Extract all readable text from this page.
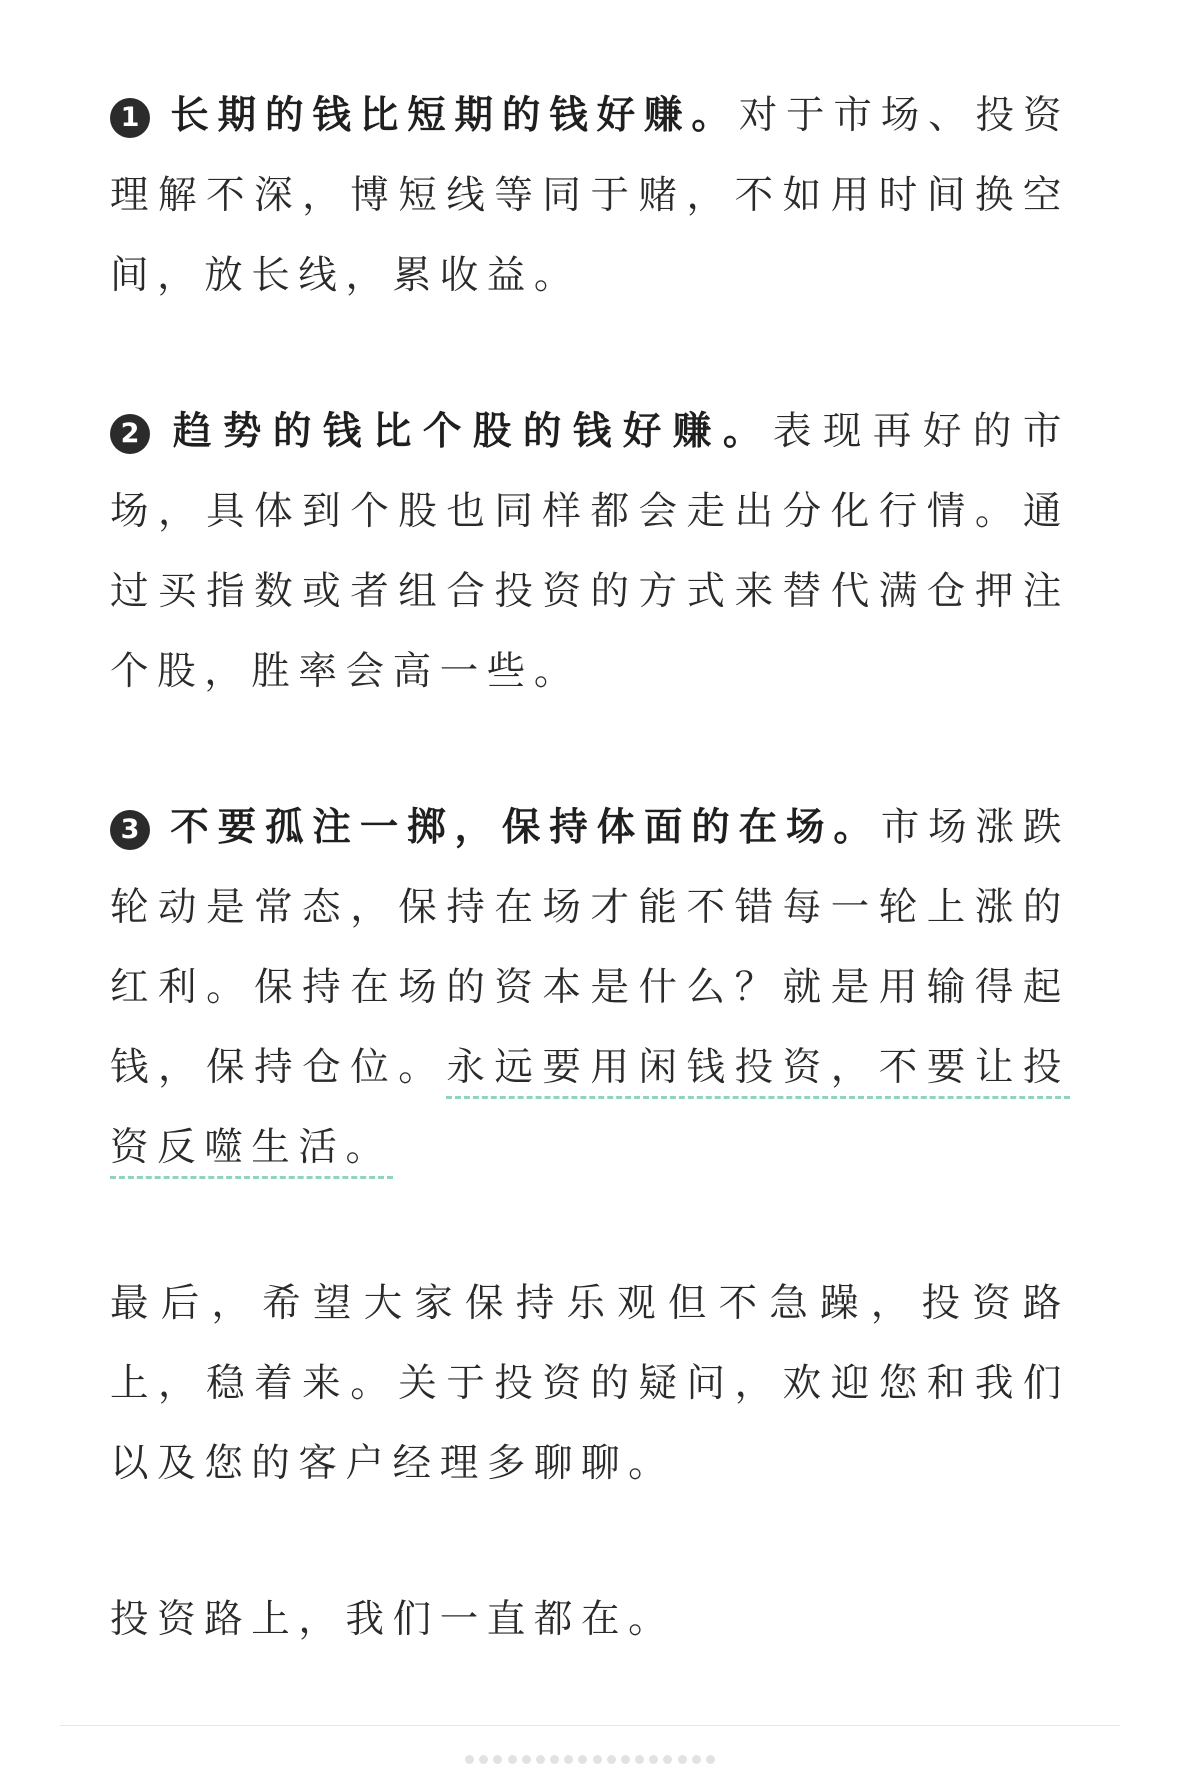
1 长期的钱比短期的钱好赚。对于市场、投资理解不深，博短线等同于赌，不如用时间换空间，放长线，累收益。

2 趋势的钱比个股的钱好赚。表现再好的市场，具体到个股也同样都会走出分化行情。通过买指数或者组合投资的方式来替代满仓押注个股，胜率会高一些。

3 不要孤注一掷，保持体面的在场。市场涨跌轮动是常态，保持在场才能不错每一轮上涨的红利。保持在场的资本是什么？就是用输得起钱，保持仓位。永远要用闲钱投资，不要让投资反噬生活。

最后，希望大家保持乐观但不急躁，投资路上，稳着来。关于投资的疑问，欢迎您和我们以及您的客户经理多聊聊。

投资路上，我们一直都在。
